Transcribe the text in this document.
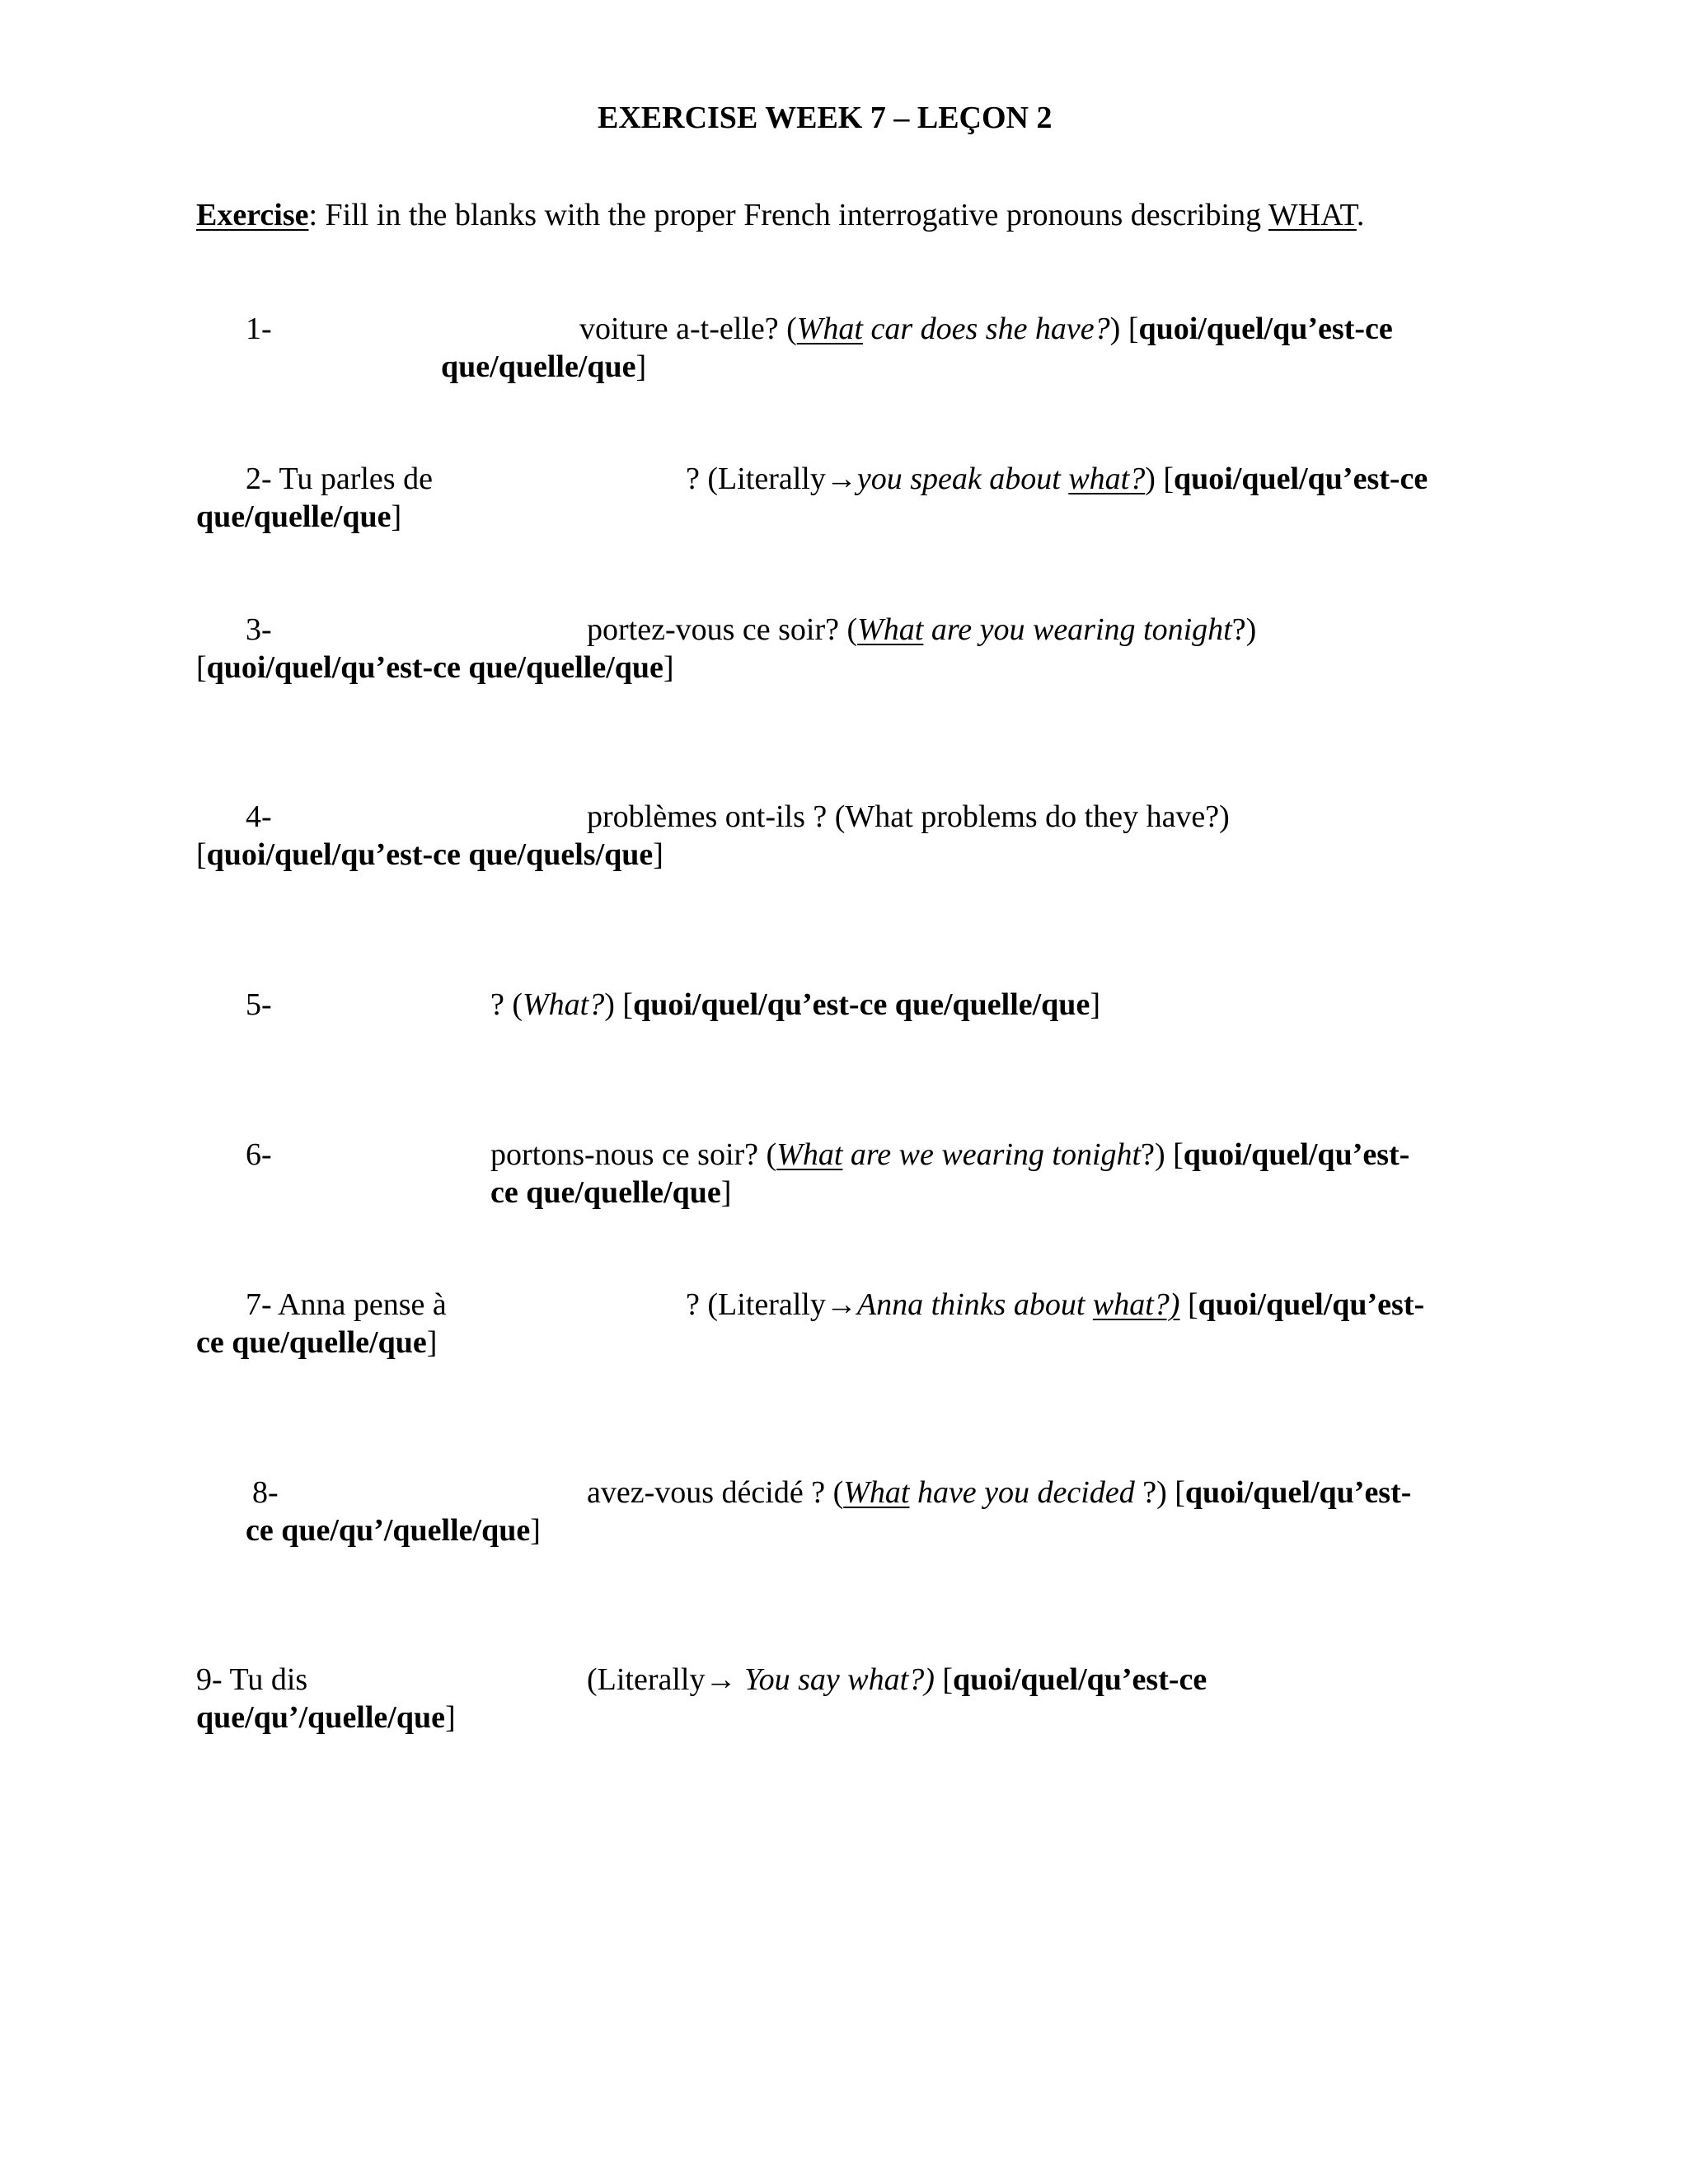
EXERCISE WEEK 7 – LEÇON 2
Exercise: Fill in the blanks with the proper French interrogative pronouns describing WHAT.
1-	voiture a-t-elle? (What car does she have?) [quoi/quel/qu’est-ce
que/quelle/que]
2- Tu parles de	? (Literally→you speak about what?) [quoi/quel/qu’est-ce
que/quelle/que]
3-	portez-vous ce soir? (What are you wearing tonight?)
[quoi/quel/qu’est-ce que/quelle/que]
4-	problèmes ont-ils ? (What problems do they have?)
[quoi/quel/qu’est-ce que/quels/que]
5-	? (What?) [quoi/quel/qu’est-ce que/quelle/que]
6-	portons-nous ce soir? (What are we wearing tonight?) [quoi/quel/qu’est-
ce que/quelle/que]
7- Anna pense à	? (Literally→Anna thinks about what?) [quoi/quel/qu’est-
ce que/quelle/que]
8-	avez-vous décidé ? (What have you decided ?) [quoi/quel/qu’est-
ce que/qu’/quelle/que]
9- Tu dis	(Literally→ You say what?) [quoi/quel/qu’est-ce
que/qu’/quelle/que]
